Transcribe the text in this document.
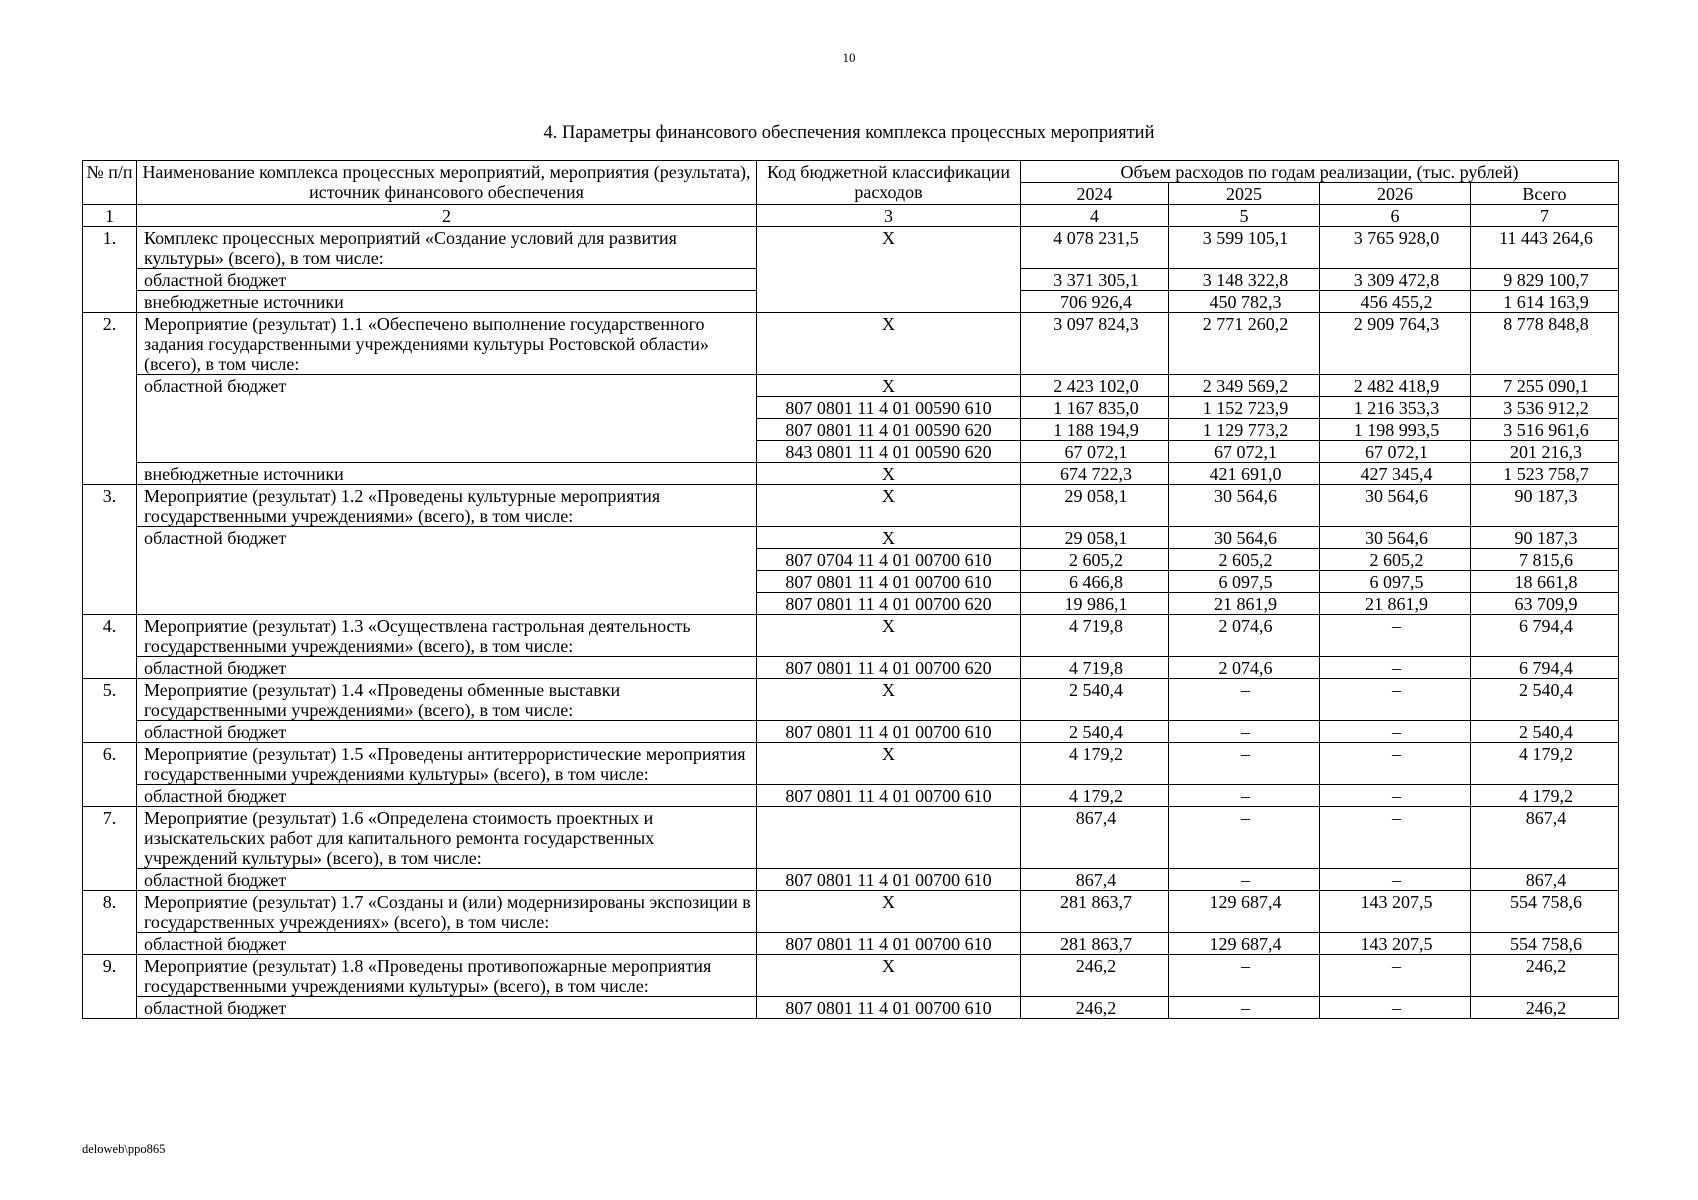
10
4. Параметры финансового обеспечения комплекса процессных мероприятий
№ п/п	Наименование комплекса процессных мероприятий, мероприятия (результата), источник финансового обеспечения	Код бюджетной классификации расходов	Объем расходов по годам реализации, (тыс. рублей)			
			2024	2025	2026	Всего
1	2	3	4	5	6	7
1.	Комплекс процессных мероприятий «Создание условий для развития культуры» (всего), в том числе:	X	4 078 231,5	3 599 105,1	3 765 928,0	11 443 264,6
	областной бюджет		3 371 305,1	3 148 322,8	3 309 472,8	9 829 100,7
	внебюджетные источники		706 926,4	450 782,3	456 455,2	1 614 163,9
2.	Мероприятие (результат) 1.1 «Обеспечено выполнение государственного задания государственными учреждениями культуры Ростовской области» (всего), в том числе:	X	3 097 824,3	2 771 260,2	2 909 764,3	8 778 848,8
	областной бюджет	X	2 423 102,0	2 349 569,2	2 482 418,9	7 255 090,1
		807 0801 11 4 01 00590 610	1 167 835,0	1 152 723,9	1 216 353,3	3 536 912,2
		807 0801 11 4 01 00590 620	1 188 194,9	1 129 773,2	1 198 993,5	3 516 961,6
		843 0801 11 4 01 00590 620	67 072,1	67 072,1	67 072,1	201 216,3
	внебюджетные источники	X	674 722,3	421 691,0	427 345,4	1 523 758,7
3.	Мероприятие (результат) 1.2 «Проведены культурные мероприятия государственными учреждениями» (всего), в том числе:	X	29 058,1	30 564,6	30 564,6	90 187,3
	областной бюджет	X	29 058,1	30 564,6	30 564,6	90 187,3
		807 0704 11 4 01 00700 610	2 605,2	2 605,2	2 605,2	7 815,6
		807 0801 11 4 01 00700 610	6 466,8	6 097,5	6 097,5	18 661,8
		807 0801 11 4 01 00700 620	19 986,1	21 861,9	21 861,9	63 709,9
4.	Мероприятие (результат) 1.3 «Осуществлена гастрольная деятельность государственными учреждениями» (всего), в том числе:	X	4 719,8	2 074,6	–	6 794,4
	областной бюджет	807 0801 11 4 01 00700 620	4 719,8	2 074,6	–	6 794,4
5.	Мероприятие (результат) 1.4 «Проведены обменные выставки государственными учреждениями» (всего), в том числе:	X	2 540,4	–	–	2 540,4
	областной бюджет	807 0801 11 4 01 00700 610	2 540,4	–	–	2 540,4
6.	Мероприятие (результат) 1.5 «Проведены антитеррористические мероприятия государственными учреждениями культуры» (всего), в том числе:	X	4 179,2	–	–	4 179,2
	областной бюджет	807 0801 11 4 01 00700 610	4 179,2	–	–	4 179,2
7.	Мероприятие (результат) 1.6 «Определена стоимость проектных и изыскательских работ для капитального ремонта государственных учреждений культуры» (всего), в том числе:		867,4	–	–	867,4
	областной бюджет	807 0801 11 4 01 00700 610	867,4	–	–	867,4
8.	Мероприятие (результат) 1.7 «Созданы и (или) модернизированы экспозиции в государственных учреждениях» (всего), в том числе:	X	281 863,7	129 687,4	143 207,5	554 758,6
	областной бюджет	807 0801 11 4 01 00700 610	281 863,7	129 687,4	143 207,5	554 758,6
9.	Мероприятие (результат) 1.8 «Проведены противопожарные мероприятия государственными учреждениями культуры» (всего), в том числе:	X	246,2	–	–	246,2
	областной бюджет	807 0801 11 4 01 00700 610	246,2	–	–	246,2
deloweb\ppo865
